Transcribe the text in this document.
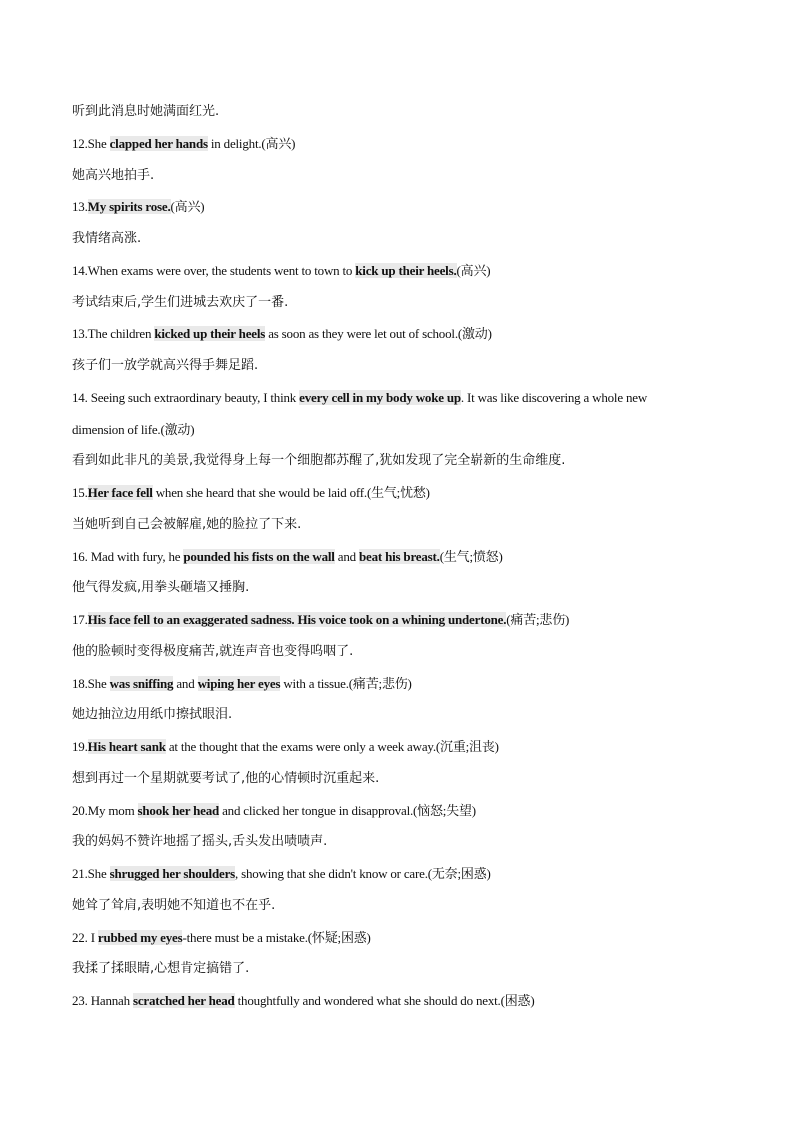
听到此消息时她满面红光.
12.She clapped her hands in delight.(高兴)
她高兴地拍手.
13.My spirits rose.(高兴)
我情绪高涨.
14.When exams were over, the students went to town to kick up their heels.(高兴)
考试结束后,学生们进城去欢庆了一番.
13.The children kicked up their heels as soon as they were let out of school.(激动)
孩子们一放学就高兴得手舞足蹈.
14. Seeing such extraordinary beauty, I think every cell in my body woke up. It was like discovering a whole new
dimension of life.(激动)
看到如此非凡的美景,我觉得身上每一个细胞都苏醒了,犹如发现了完全崭新的生命维度.
15.Her face fell when she heard that she would be laid off.(生气;忧愁)
当她听到自己会被解雇,她的脸拉了下来.
16. Mad with fury, he pounded his fists on the wall and beat his breast.(生气;愤怒)
他气得发疯,用拳头砸墙又捶胸.
17.His face fell to an exaggerated sadness. His voice took on a whining undertone.(痛苦;悲伤)
他的脸顿时变得极度痛苦,就连声音也变得呜咽了.
18.She was sniffing and wiping her eyes with a tissue.(痛苦;悲伤)
她边抽泣边用纸巾擦拭眼泪.
19.His heart sank at the thought that the exams were only a week away.(沉重;沮丧)
想到再过一个星期就要考试了,他的心情顿时沉重起来.
20.My mom shook her head and clicked her tongue in disapproval.(恼怒;失望)
我的妈妈不赞许地摇了摇头,舌头发出啧啧声.
21.She shrugged her shoulders, showing that she didn't know or care.(无奈;困惑)
她耸了耸肩,表明她不知道也不在乎.
22. I rubbed my eyes-there must be a mistake.(怀疑;困惑)
我揉了揉眼睛,心想肯定搞错了.
23. Hannah scratched her head thoughtfully and wondered what she should do next.(困惑)
